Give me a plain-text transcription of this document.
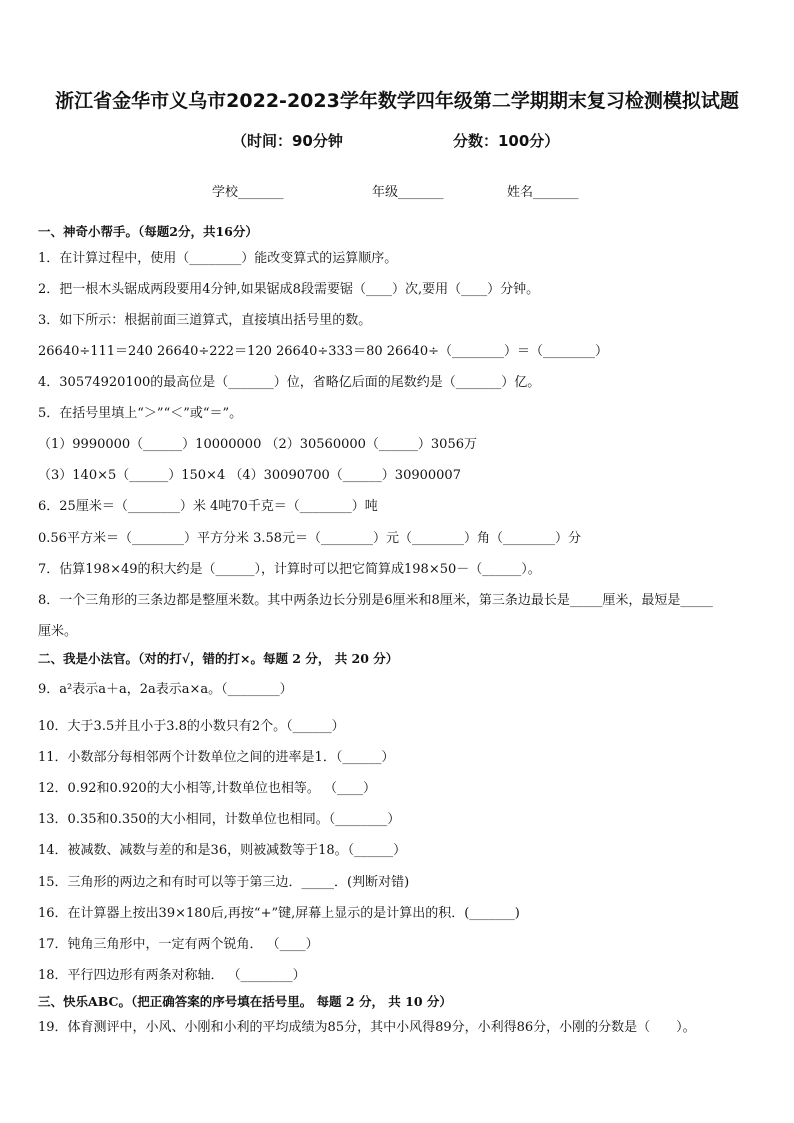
浙江省金华市义乌市2022-2023学年数学四年级第二学期期末复习检测模拟试题
（时间：90分钟	分数：100分）
学校_______	年级_______	姓名_______
一、神奇小帮手。（每题2分，共16分）
1．在计算过程中，使用（________）能改变算式的运算顺序。
2．把一根木头锯成两段要用4分钟,如果锯成8段需要锯（____）次,要用（____）分钟。
3．如下所示：根据前面三道算式，直接填出括号里的数。
26640÷111＝240 26640÷222＝120 26640÷333＝80 26640÷（________）＝（________）
4．30574920100的最高位是（_______）位，省略亿后面的尾数约是（_______）亿。
5．在括号里填上“＞”“＜”或“＝”。
（1）9990000（______）10000000 （2）30560000（______）3056万
（3）140×5（______）150×4 （4）30090700（______）30900007
6．25厘米＝（________）米 4吨70千克＝（________）吨
0.56平方米＝（________）平方分米 3.58元＝（________）元（________）角（________）分
7．估算198×49的积大约是（______），计算时可以把它简算成198×50－（______）。
8．一个三角形的三条边都是整厘米数。其中两条边长分别是6厘米和8厘米，第三条边最长是_____厘米，最短是_____
厘米。
二、我是小法官。（对的打√，错的打×。每题 2 分， 共 20 分）
9．a²表示a＋a，2a表示a×a。（________）
10．大于3.5并且小于3.8的小数只有2个。（______）
11．小数部分每相邻两个计数单位之间的进率是1．（______）
12．0.92和0.920的大小相等,计数单位也相等。 （____）
13．0.35和0.350的大小相同，计数单位也相同。（________）
14．被减数、减数与差的和是36，则被减数等于18。（______）
15．三角形的两边之和有时可以等于第三边．_____．(判断对错)
16．在计算器上按出39×180后,再按“+”键,屏幕上显示的是计算出的积．(_______)
17．钝角三角形中，一定有两个锐角． （____）
18．平行四边形有两条对称轴． （________）
三、快乐ABC。（把正确答案的序号填在括号里。 每题 2 分， 共 10 分）
19．体育测评中，小风、小刚和小利的平均成绩为85分，其中小风得89分，小利得86分，小刚的分数是（　　）。
